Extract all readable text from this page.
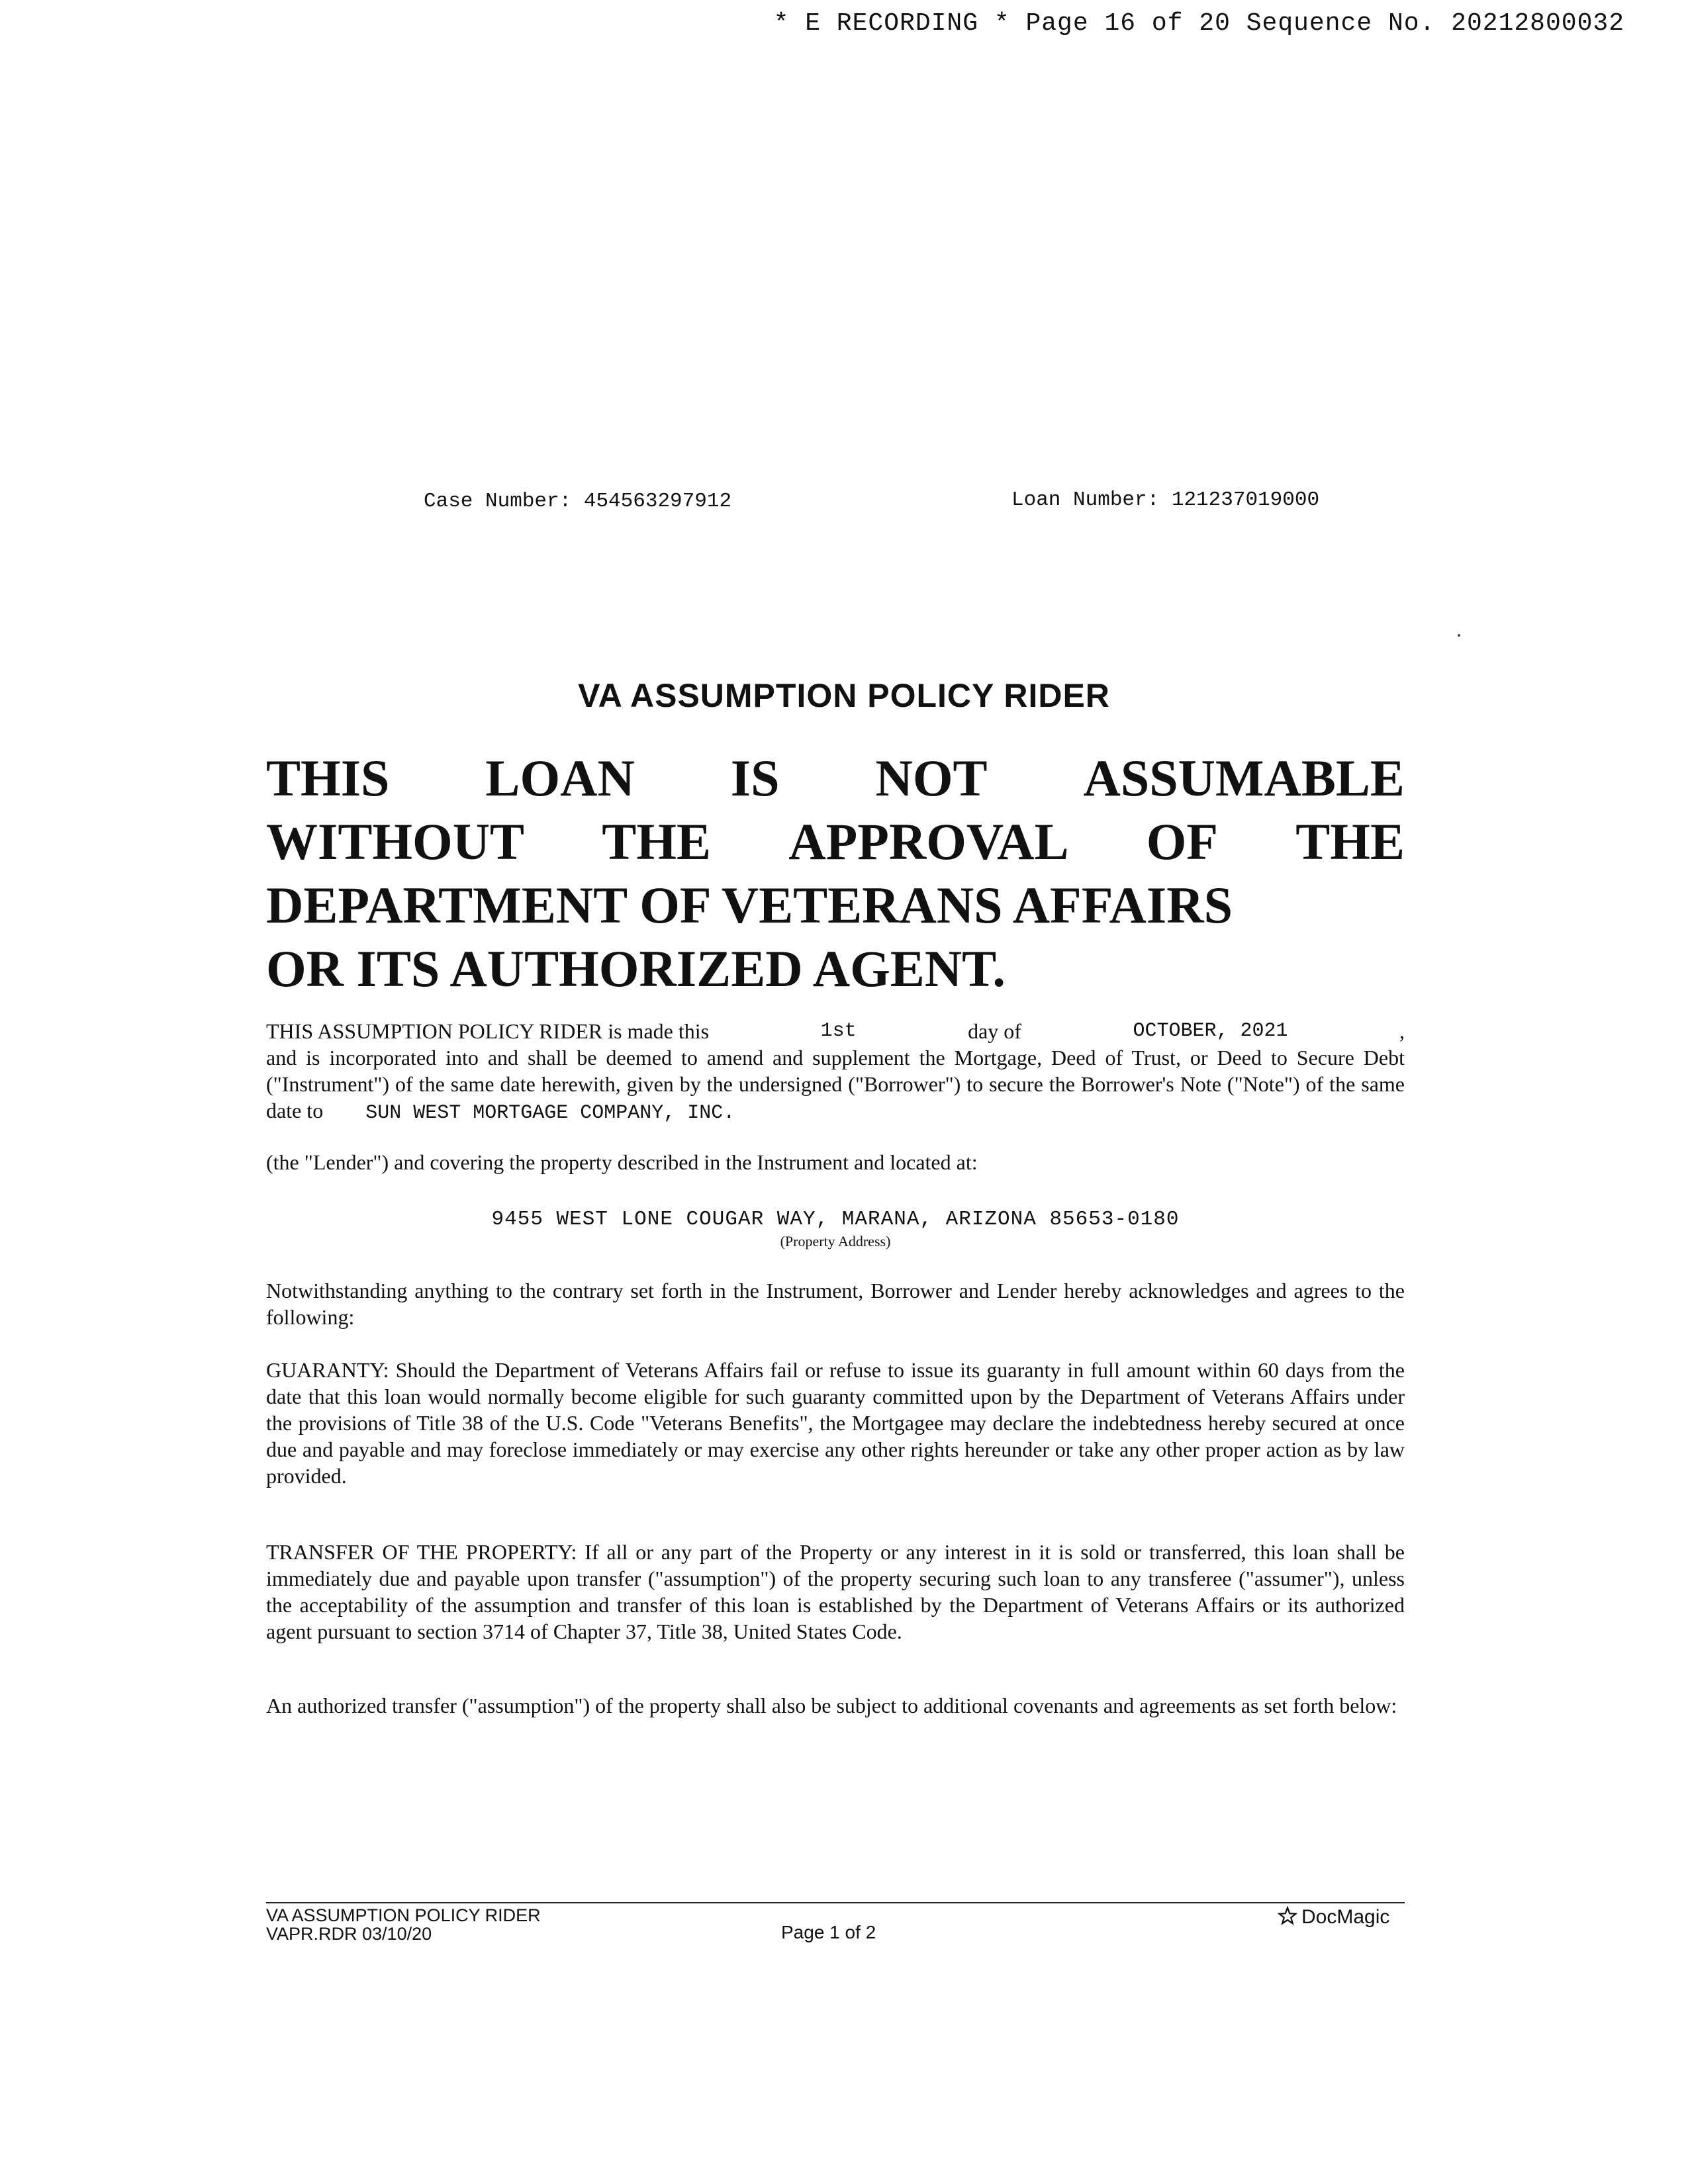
* E RECORDING * Page 16 of 20 Sequence No. 20212800032
Case Number: 454563297912	Loan Number: 121237019000
VA ASSUMPTION POLICY RIDER
THIS LOAN IS NOT ASSUMABLE
WITHOUT THE APPROVAL OF THE
DEPARTMENT OF VETERANS AFFAIRS
OR ITS AUTHORIZED AGENT.
THIS ASSUMPTION POLICY RIDER is made this	1st	day of	OCTOBER, 2021	,
and is incorporated into and shall be deemed to amend and supplement the Mortgage, Deed of Trust, or Deed to Secure Debt ("Instrument") of the same date herewith, given by the undersigned ("Borrower") to secure the Borrower's Note ("Note") of the same date to SUN WEST MORTGAGE COMPANY, INC.
(the "Lender") and covering the property described in the Instrument and located at:
9455 WEST LONE COUGAR WAY, MARANA, ARIZONA 85653-0180
(Property Address)
Notwithstanding anything to the contrary set forth in the Instrument, Borrower and Lender hereby acknowledges and agrees to the following:
GUARANTY: Should the Department of Veterans Affairs fail or refuse to issue its guaranty in full amount within 60 days from the date that this loan would normally become eligible for such guaranty committed upon by the Department of Veterans Affairs under the provisions of Title 38 of the U.S. Code "Veterans Benefits", the Mortgagee may declare the indebtedness hereby secured at once due and payable and may foreclose immediately or may exercise any other rights hereunder or take any other proper action as by law provided.
TRANSFER OF THE PROPERTY: If all or any part of the Property or any interest in it is sold or transferred, this loan shall be immediately due and payable upon transfer ("assumption") of the property securing such loan to any transferee ("assumer"), unless the acceptability of the assumption and transfer of this loan is established by the Department of Veterans Affairs or its authorized agent pursuant to section 3714 of Chapter 37, Title 38, United States Code.
An authorized transfer ("assumption") of the property shall also be subject to additional covenants and agreements as set forth below:
VA ASSUMPTION POLICY RIDER
VAPR.RDR 03/10/20	Page 1 of 2
DocMagic
